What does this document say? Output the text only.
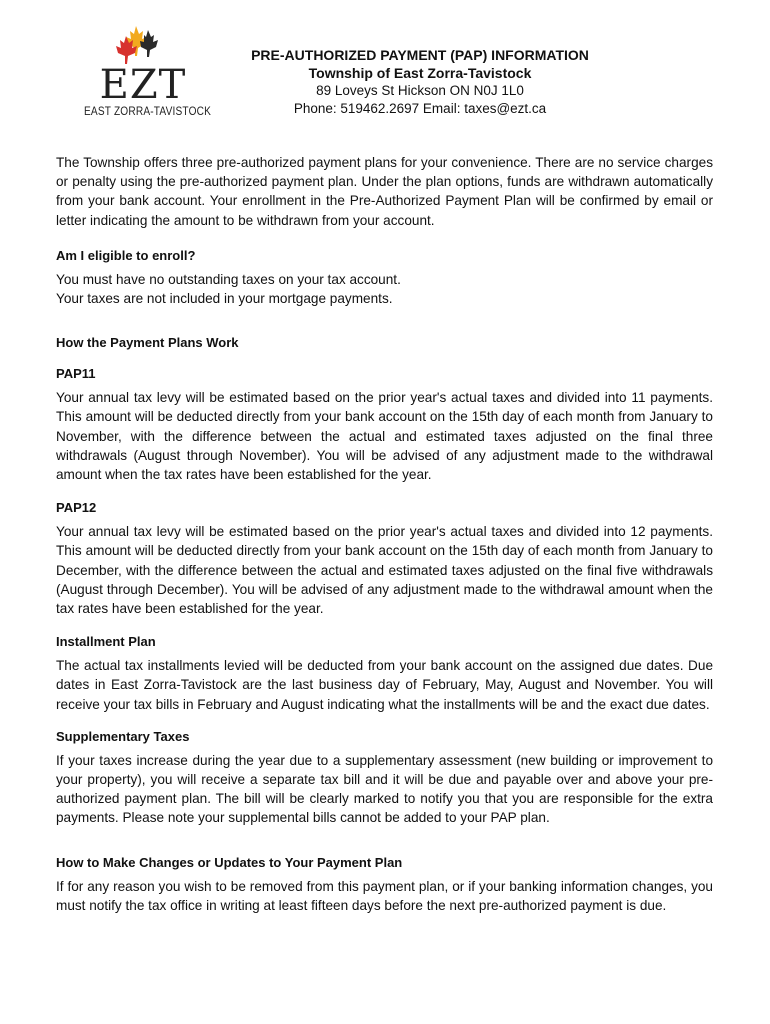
EZT
EAST ZORRA-TAVISTOCK
PRE-AUTHORIZED PAYMENT (PAP) INFORMATION
Township of East Zorra-Tavistock
89 Loveys St Hickson ON N0J 1L0
Phone: 519462.2697 Email: taxes@ezt.ca

The Township offers three pre-authorized payment plans for your convenience. There are no service charges or penalty using the pre-authorized payment plan. Under the plan options, funds are withdrawn automatically from your bank account. Your enrollment in the Pre-Authorized Payment Plan will be confirmed by email or letter indicating the amount to be withdrawn from your account.

Am I eligible to enroll?

You must have no outstanding taxes on your tax account.

Your taxes are not included in your mortgage payments.

How the Payment Plans Work
PAP11

Your annual tax levy will be estimated based on the prior year's actual taxes and divided into 11 payments. This amount will be deducted directly from your bank account on the 15th day of each month from January to November, with the difference between the actual and estimated taxes adjusted on the final three withdrawals (August through November). You will be advised of any adjustment made to the withdrawal amount when the tax rates have been established for the year.

PAP12

Your annual tax levy will be estimated based on the prior year's actual taxes and divided into 12 payments. This amount will be deducted directly from your bank account on the 15th day of each month from January to December, with the difference between the actual and estimated taxes adjusted on the final five withdrawals (August through December). You will be advised of any adjustment made to the withdrawal amount when the tax rates have been established for the year.

Installment Plan

The actual tax installments levied will be deducted from your bank account on the assigned due dates. Due dates in East Zorra-Tavistock are the last business day of February, May, August and November. You will receive your tax bills in February and August indicating what the installments will be and the exact due dates.

Supplementary Taxes

If your taxes increase during the year due to a supplementary assessment (new building or improvement to your property), you will receive a separate tax bill and it will be due and payable over and above your pre-authorized payment plan. The bill will be clearly marked to notify you that you are responsible for the extra payments. Please note your supplemental bills cannot be added to your PAP plan.

How to Make Changes or Updates to Your Payment Plan

If for any reason you wish to be removed from this payment plan, or if your banking information changes, you must notify the tax office in writing at least fifteen days before the next pre-authorized payment is due.
